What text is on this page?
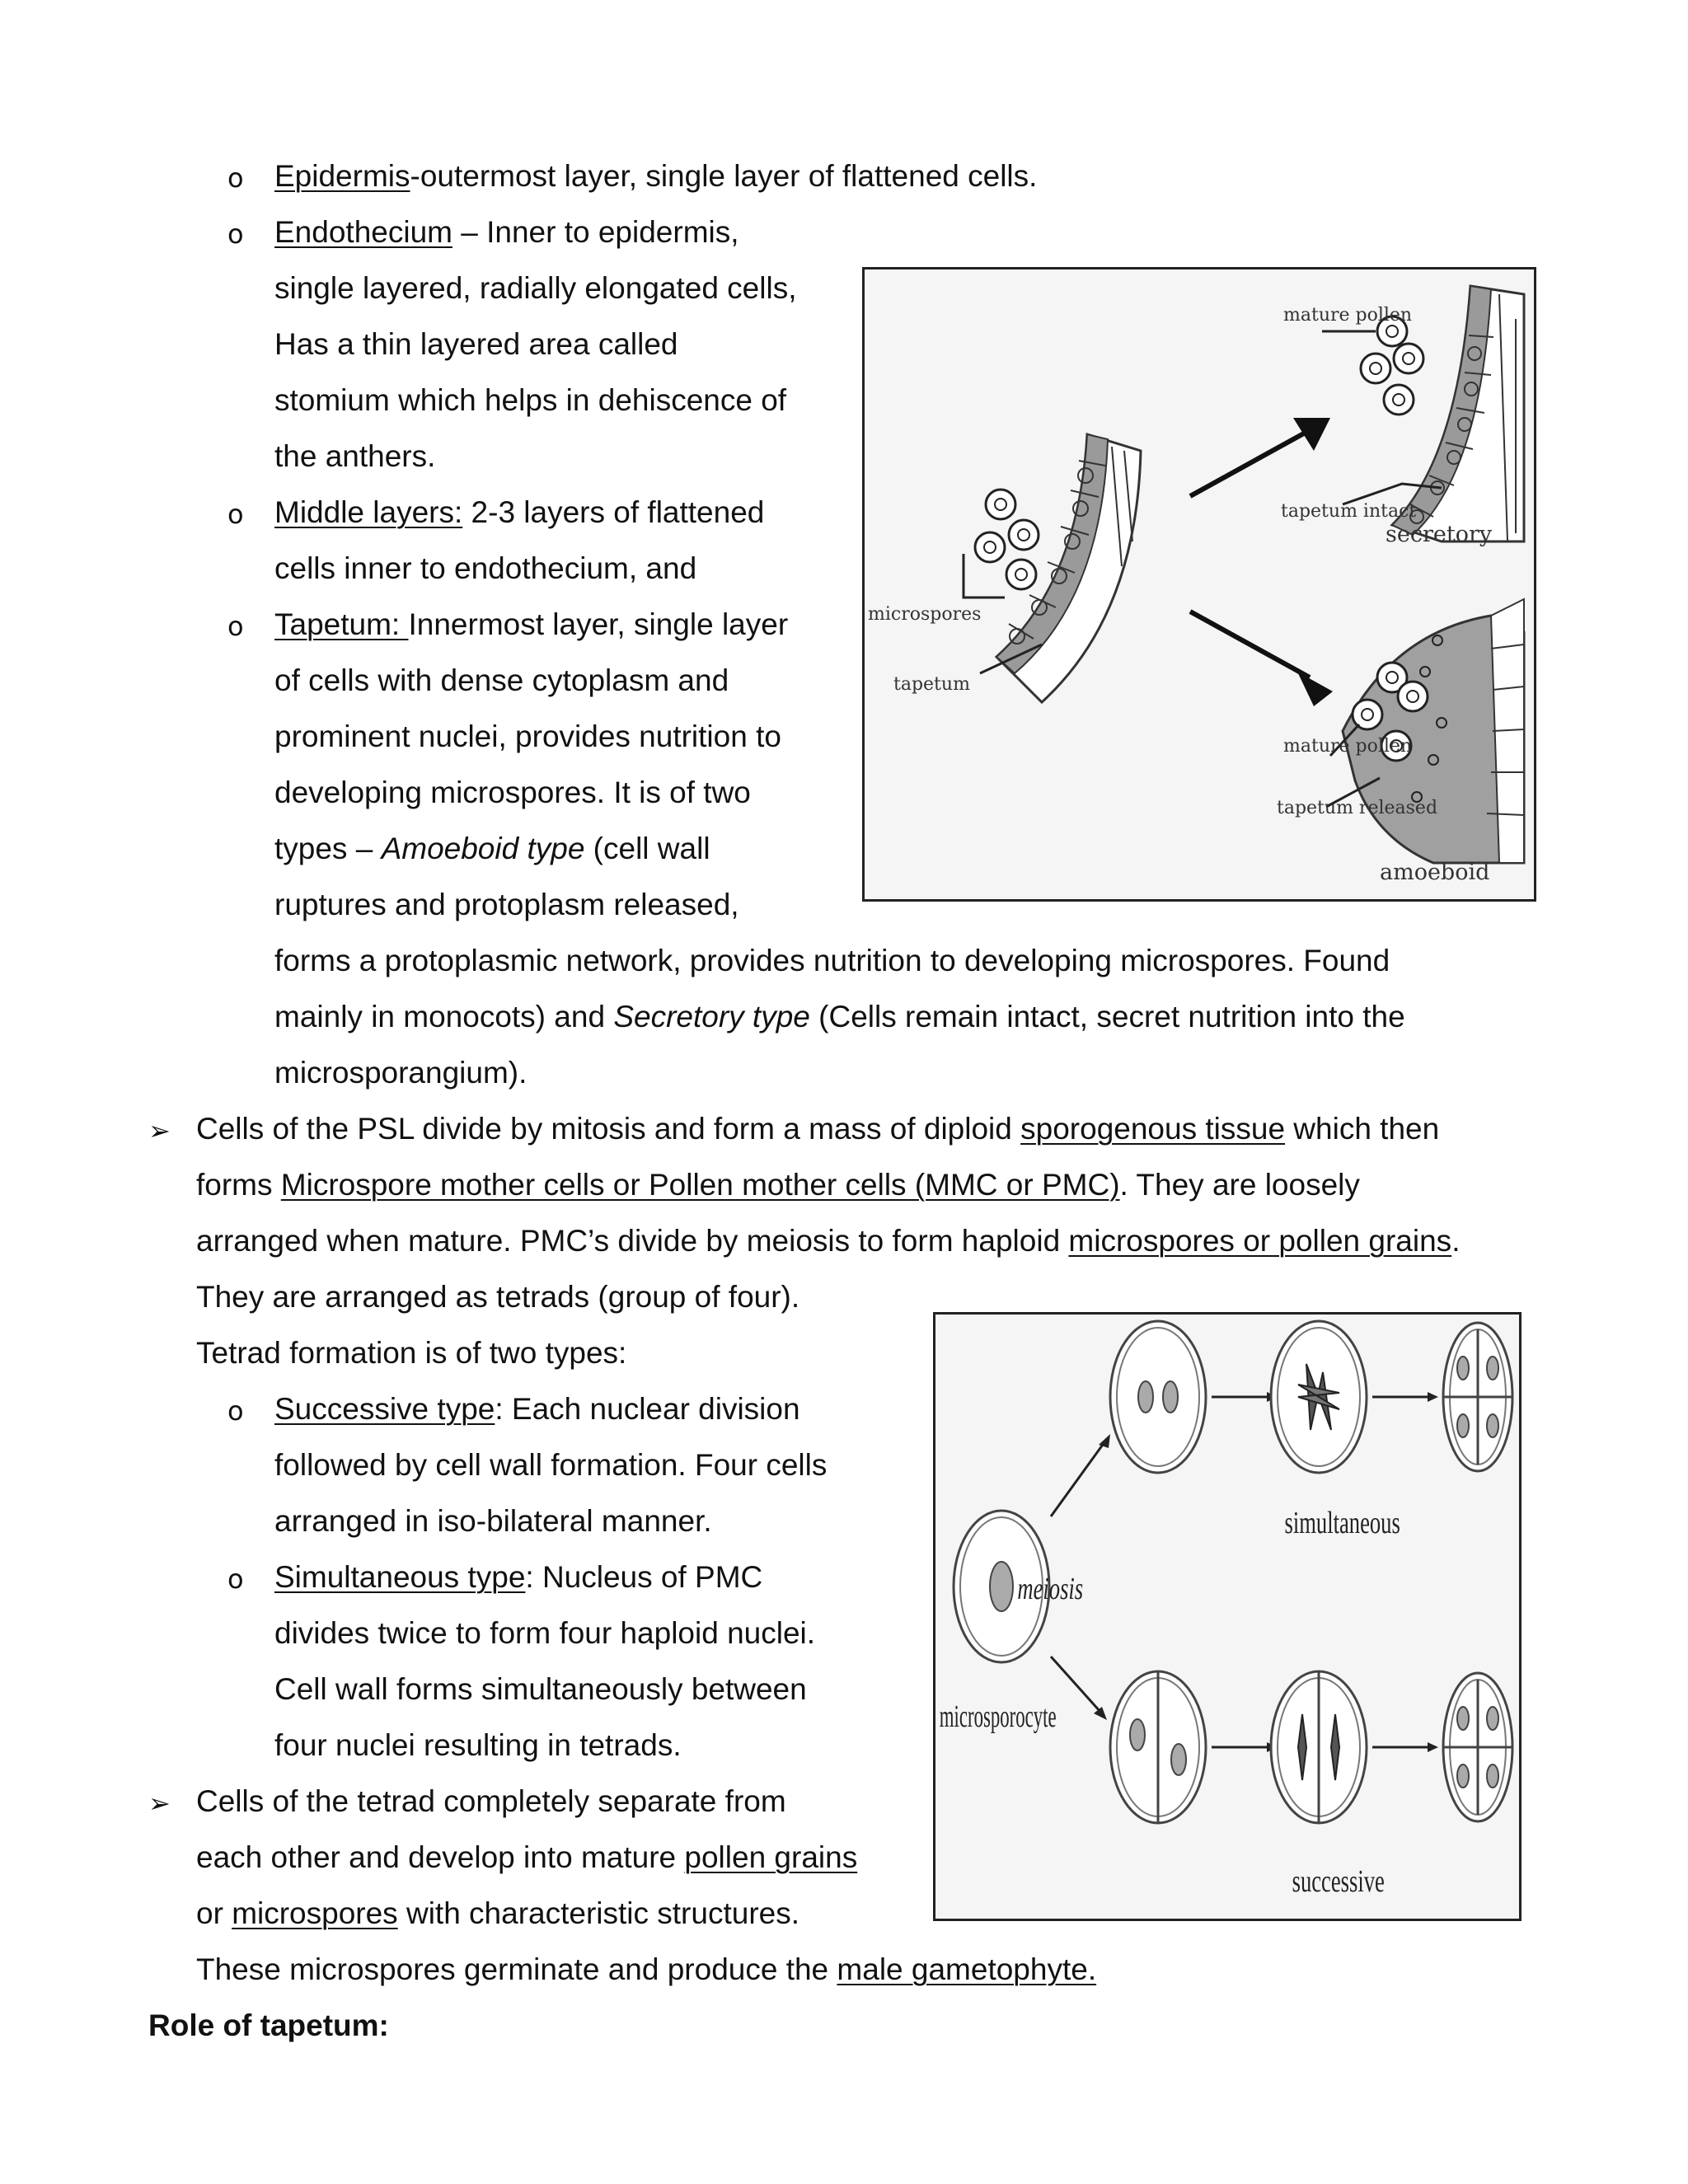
o Epidermis-outermost layer, single layer of flattened cells.
o Endothecium – Inner to epidermis,
single layered, radially elongated cells,
Has a thin layered area called
stomium which helps in dehiscence of
the anthers.
o Middle layers: 2-3 layers of flattened
cells inner to endothecium, and
o Tapetum: Innermost layer, single layer
of cells with dense cytoplasm and
prominent nuclei, provides nutrition to
developing microspores. It is of two
types – Amoeboid type (cell wall
ruptures and protoplasm released,
forms a protoplasmic network, provides nutrition to developing microspores. Found
mainly in monocots) and Secretory type (Cells remain intact, secret nutrition into the
microsporangium).
mature pollen
tapetum intact
secretory
microspores
tapetum
mature pollen
tapetum released
amoeboid
➢ Cells of the PSL divide by mitosis and form a mass of diploid sporogenous tissue which then
forms Microspore mother cells or Pollen mother cells (MMC or PMC). They are loosely
arranged when mature. PMC’s divide by meiosis to form haploid microspores or pollen grains.
They are arranged as tetrads (group of four).
Tetrad formation is of two types:
o Successive type: Each nuclear division
followed by cell wall formation. Four cells
arranged in iso-bilateral manner.
o Simultaneous type: Nucleus of PMC
divides twice to form four haploid nuclei.
Cell wall forms simultaneously between
four nuclei resulting in tetrads.
➢ Cells of the tetrad completely separate from
each other and develop into mature pollen grains
or microspores with characteristic structures.
These microspores germinate and produce the male gametophyte.
Role of tapetum:
meiosis
microsporocyte
simultaneous
successive
